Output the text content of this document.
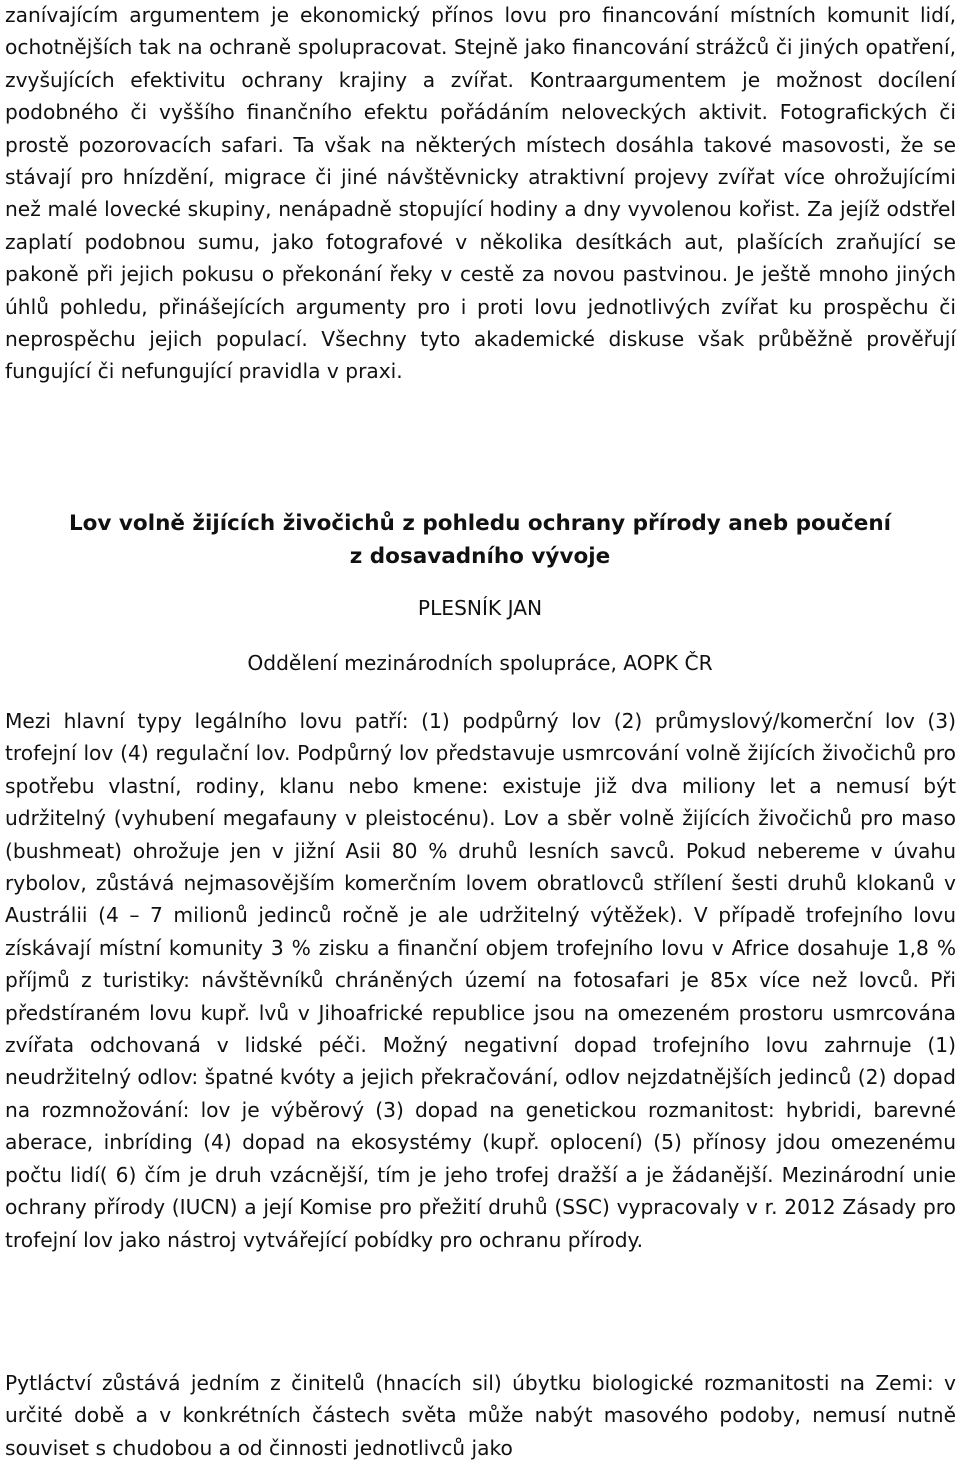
zanívajícím argumentem je ekonomický přínos lovu pro financování místních komunit lidí, ochotnějších tak na ochraně spolupracovat. Stejně jako financování strážců či jiných opatření, zvyšujících efektivitu ochrany krajiny a zvířat. Kontraargumentem je možnost docílení podobného či vyššího finančního efektu pořádáním neloveckých aktivit. Fotografických či prostě pozorovacích safari. Ta však na některých místech dosáhla takové masovosti, že se stávají pro hnízdění, migrace či jiné návštěvnicky atraktivní projevy zvířat více ohrožujícími než malé lovecké skupiny, nenápadně stopující hodiny a dny vyvolenou kořist. Za jejíž odstřel zaplatí podobnou sumu, jako fotografové v několika desítkách aut, plašících zraňující se pakoně při jejich pokusu o překonání řeky v cestě za novou pastvinou. Je ještě mnoho jiných úhlů pohledu, přinášejících argumenty pro i proti lovu jednotlivých zvířat ku prospěchu či neprospěchu jejich populací. Všechny tyto akademické diskuse však průběžně prověřují fungující či nefungující pravidla v praxi.

Lov volně žijících živočichů z pohledu ochrany přírody aneb poučení
z dosavadního vývoje

PLESNÍK JAN

Oddělení mezinárodních spolupráce, AOPK ČR

Mezi hlavní typy legálního lovu patří: (1) podpůrný lov (2) průmyslový/komerční lov (3) trofejní lov (4) regulační lov. Podpůrný lov představuje usmrcování volně žijících živočichů pro spotřebu vlastní, rodiny, klanu nebo kmene: existuje již dva miliony let a nemusí být udržitelný (vyhubení megafauny v pleistocénu). Lov a sběr volně žijících živočichů pro maso (bushmeat) ohrožuje jen v jižní Asii 80 % druhů lesních savců. Pokud nebereme v úvahu rybolov, zůstává nejmasovějším komerčním lovem obratlovců střílení šesti druhů klokanů v Austrálii (4 – 7 milionů jedinců ročně je ale udržitelný výtěžek). V případě trofejního lovu získávají místní komunity 3 % zisku a finanční objem trofejního lovu v Africe dosahuje 1,8 % příjmů z turistiky: návštěvníků chráněných území na fotosafari je 85x více než lovců. Při předstíraném lovu kupř. lvů v Jihoafrické republice jsou na omezeném prostoru usmrcována zvířata odchovaná v lidské péči. Možný negativní dopad trofejního lovu zahrnuje (1) neudržitelný odlov: špatné kvóty a jejich překračování, odlov nejzdatnějších jedinců (2) dopad na rozmnožování: lov je výběrový (3) dopad na genetickou rozmanitost: hybridi, barevné aberace, inbríding (4) dopad na ekosystémy (kupř. oplocení) (5) přínosy jdou omezenému počtu lidí( 6) čím je druh vzácnější, tím je jeho trofej dražší a je žádanější. Mezinárodní unie ochrany přírody (IUCN) a její Komise pro přežití druhů (SSC) vypracovaly v r. 2012 Zásady pro trofejní lov jako nástroj vytvářející pobídky pro ochranu přírody.

Pytláctví zůstává jedním z činitelů (hnacích sil) úbytku biologické rozmanitosti na Zemi: v určité době a v konkrétních částech světa může nabýt masového podoby, nemusí nutně souviset s chudobou a od činnosti jednotlivců jako
